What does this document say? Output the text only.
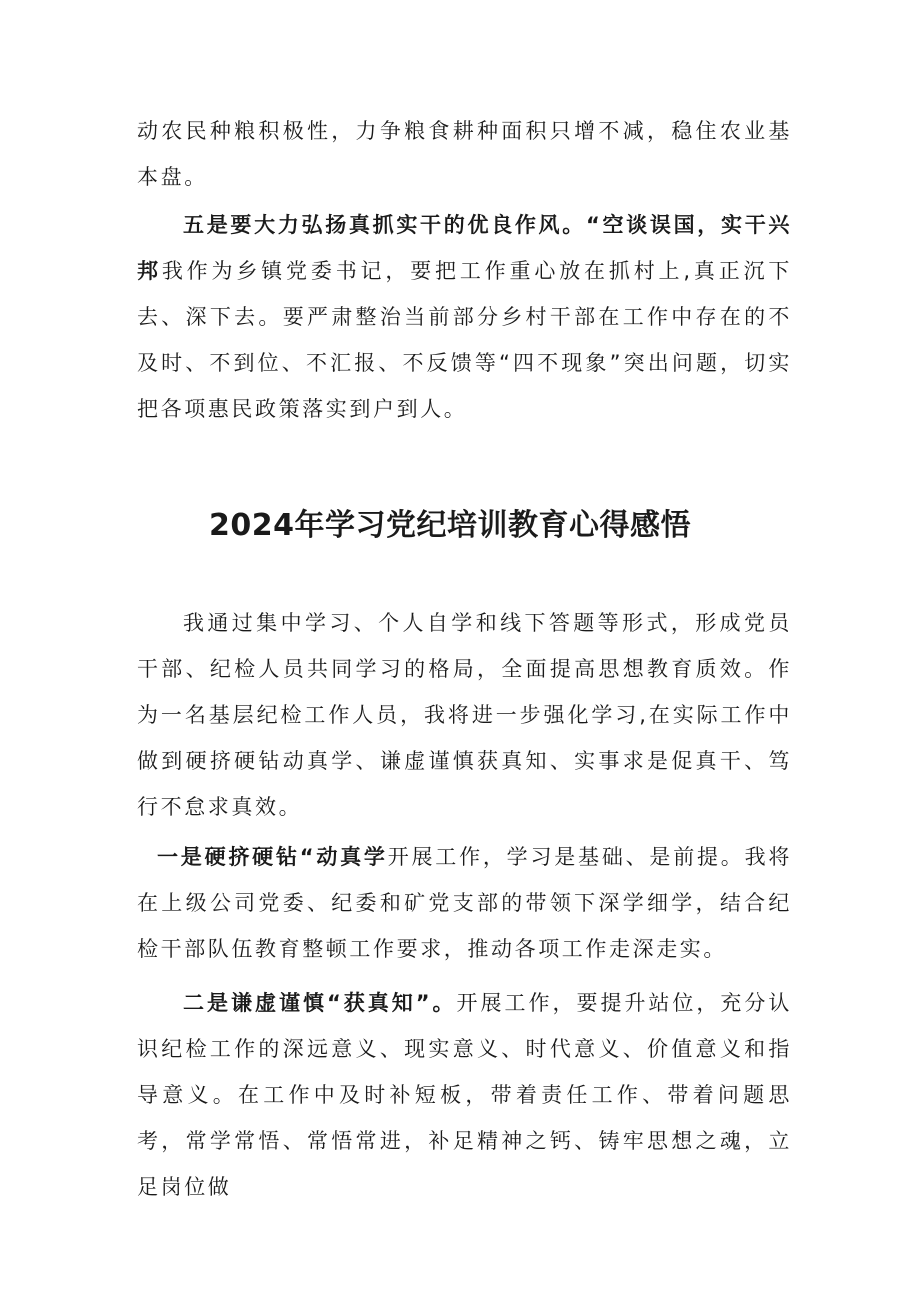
动农民种粮积极性，力争粮食耕种面积只增不减，稳住农业基本盘。

五是要大力弘扬真抓实干的优良作风。“空谈误国，实干兴邦我作为乡镇党委书记，要把工作重心放在抓村上,真正沉下去、深下去。要严肃整治当前部分乡村干部在工作中存在的不及时、不到位、不汇报、不反馈等“四不现象”突出问题，切实把各项惠民政策落实到户到人。

2024年学习党纪培训教育心得感悟

我通过集中学习、个人自学和线下答题等形式，形成党员干部、纪检人员共同学习的格局，全面提高思想教育质效。作为一名基层纪检工作人员，我将进一步强化学习,在实际工作中做到硬挤硬钻动真学、谦虚谨慎获真知、实事求是促真干、笃行不怠求真效。

一是硬挤硬钻“动真学开展工作，学习是基础、是前提。我将在上级公司党委、纪委和矿党支部的带领下深学细学，结合纪检干部队伍教育整顿工作要求，推动各项工作走深走实。

二是谦虚谨慎“获真知”。开展工作，要提升站位，充分认识纪检工作的深远意义、现实意义、时代意义、价值意义和指导意义。在工作中及时补短板，带着责任工作、带着问题思考，常学常悟、常悟常进，补足精神之钙、铸牢思想之魂，立足岗位做
